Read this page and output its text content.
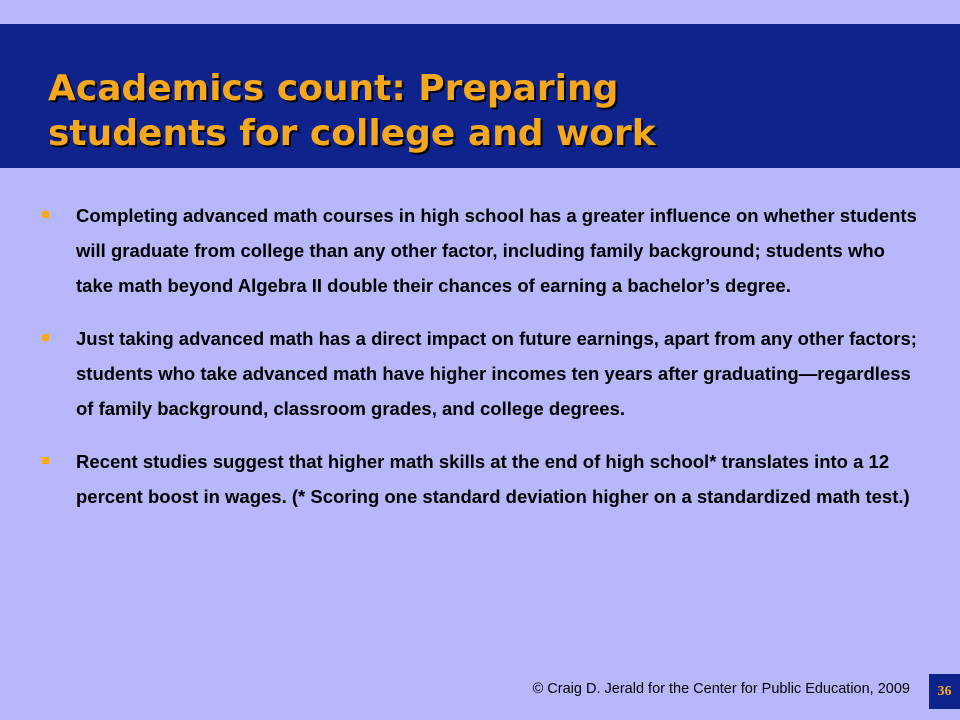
Academics count: Preparing
students for college and work
Completing advanced math courses in high school has a greater influence on whether students will graduate from college than any other factor, including family background; students who take math beyond Algebra II double their chances of earning a bachelor’s degree.
Just taking advanced math has a direct impact on future earnings, apart from any other factors; students who take advanced math have higher incomes ten years after graduating—regardless of family background, classroom grades, and college degrees.
Recent studies suggest that higher math skills at the end of high school* translates into a 12 percent boost in wages. (* Scoring one standard deviation higher on a standardized math test.)
© Craig D. Jerald for the Center for Public Education, 2009	36
